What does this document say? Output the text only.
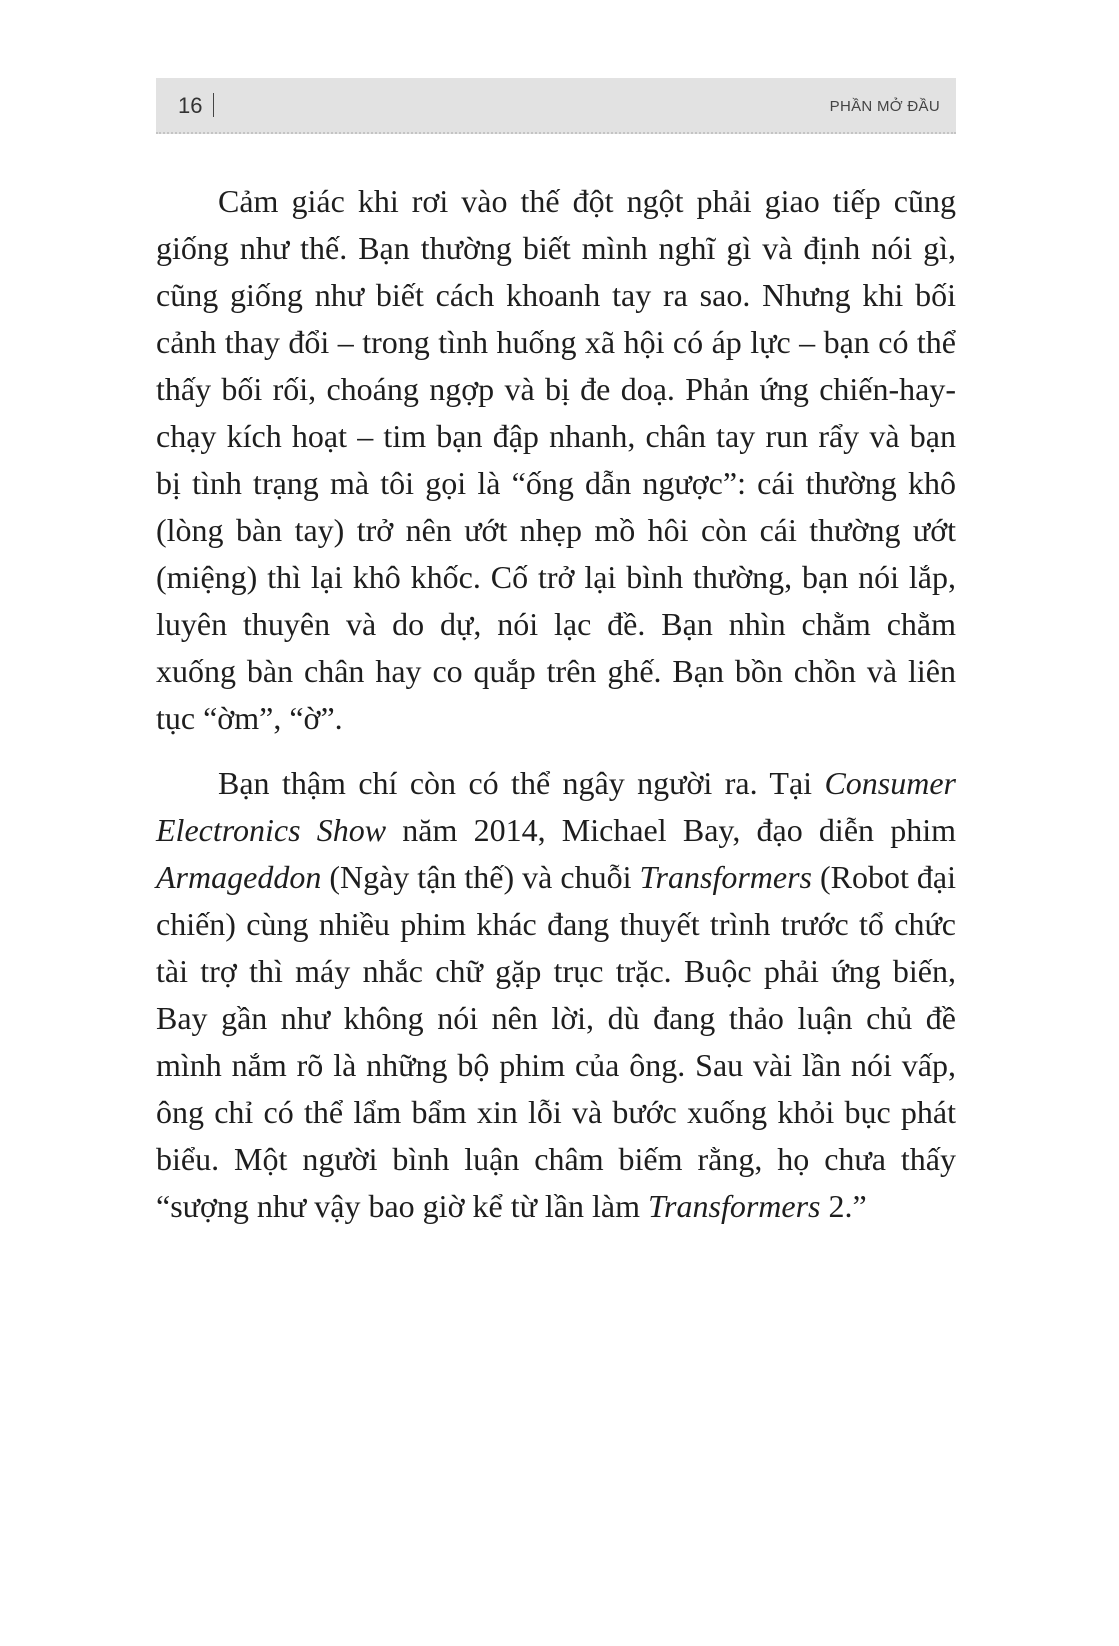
16	PHẦN MỞ ĐẦU

Cảm giác khi rơi vào thế đột ngột phải giao tiếp cũng giống như thế. Bạn thường biết mình nghĩ gì và định nói gì, cũng giống như biết cách khoanh tay ra sao. Nhưng khi bối cảnh thay đổi – trong tình huống xã hội có áp lực – bạn có thể thấy bối rối, choáng ngợp và bị đe doạ. Phản ứng chiến-hay-chạy kích hoạt – tim bạn đập nhanh, chân tay run rẩy và bạn bị tình trạng mà tôi gọi là “ống dẫn ngược”: cái thường khô (lòng bàn tay) trở nên ướt nhẹp mồ hôi còn cái thường ướt (miệng) thì lại khô khốc. Cố trở lại bình thường, bạn nói lắp, luyên thuyên và do dự, nói lạc đề. Bạn nhìn chằm chằm xuống bàn chân hay co quắp trên ghế. Bạn bồn chồn và liên tục “ờm”, “ờ”.

Bạn thậm chí còn có thể ngây người ra. Tại Consumer Electronics Show năm 2014, Michael Bay, đạo diễn phim Armageddon (Ngày tận thế) và chuỗi Transformers (Robot đại chiến) cùng nhiều phim khác đang thuyết trình trước tổ chức tài trợ thì máy nhắc chữ gặp trục trặc. Buộc phải ứng biến, Bay gần như không nói nên lời, dù đang thảo luận chủ đề mình nắm rõ là những bộ phim của ông. Sau vài lần nói vấp, ông chỉ có thể lẩm bẩm xin lỗi và bước xuống khỏi bục phát biểu. Một người bình luận châm biếm rằng, họ chưa thấy “sượng như vậy bao giờ kể từ lần làm Transformers 2.”
